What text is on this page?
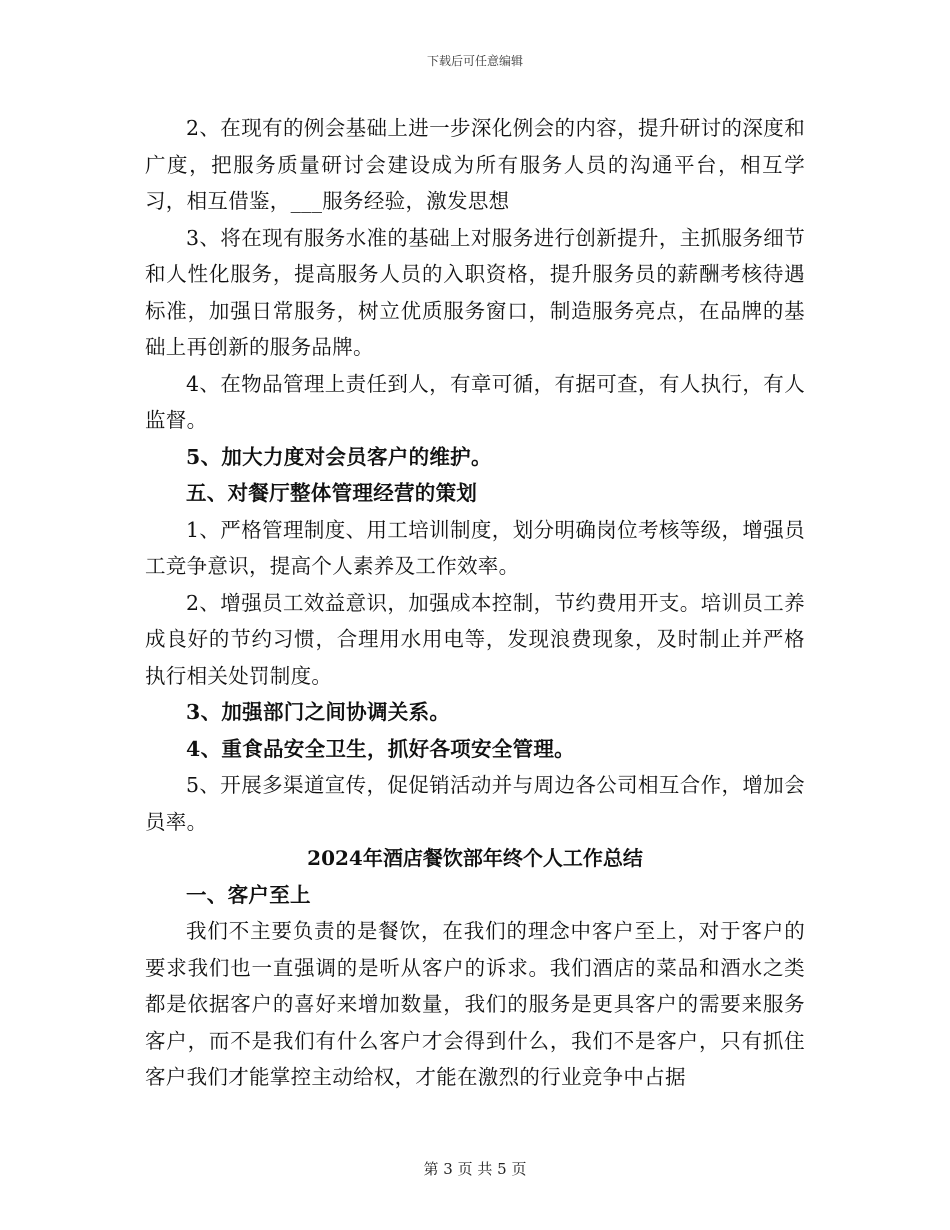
下载后可任意编辑

2、在现有的例会基础上进一步深化例会的内容，提升研讨的深度和广度，把服务质量研讨会建设成为所有服务人员的沟通平台，相互学习，相互借鉴，___服务经验，激发思想

3、将在现有服务水准的基础上对服务进行创新提升，主抓服务细节和人性化服务，提高服务人员的入职资格，提升服务员的薪酬考核待遇标准，加强日常服务，树立优质服务窗口，制造服务亮点，在品牌的基础上再创新的服务品牌。

4、在物品管理上责任到人，有章可循，有据可查，有人执行，有人监督。

5、加大力度对会员客户的维护。

五、对餐厅整体管理经营的策划

1、严格管理制度、用工培训制度，划分明确岗位考核等级，增强员工竞争意识，提高个人素养及工作效率。

2、增强员工效益意识，加强成本控制，节约费用开支。培训员工养成良好的节约习惯，合理用水用电等，发现浪费现象，及时制止并严格执行相关处罚制度。

3、加强部门之间协调关系。

4、重食品安全卫生，抓好各项安全管理。

5、开展多渠道宣传，促促销活动并与周边各公司相互合作，增加会员率。

2024年酒店餐饮部年终个人工作总结

一、客户至上

我们不主要负责的是餐饮，在我们的理念中客户至上，对于客户的要求我们也一直强调的是听从客户的诉求。我们酒店的菜品和酒水之类都是依据客户的喜好来增加数量，我们的服务是更具客户的需要来服务客户，而不是我们有什么客户才会得到什么，我们不是客户，只有抓住客户我们才能掌控主动给权，才能在激烈的行业竞争中占据

第 3 页 共 5 页
